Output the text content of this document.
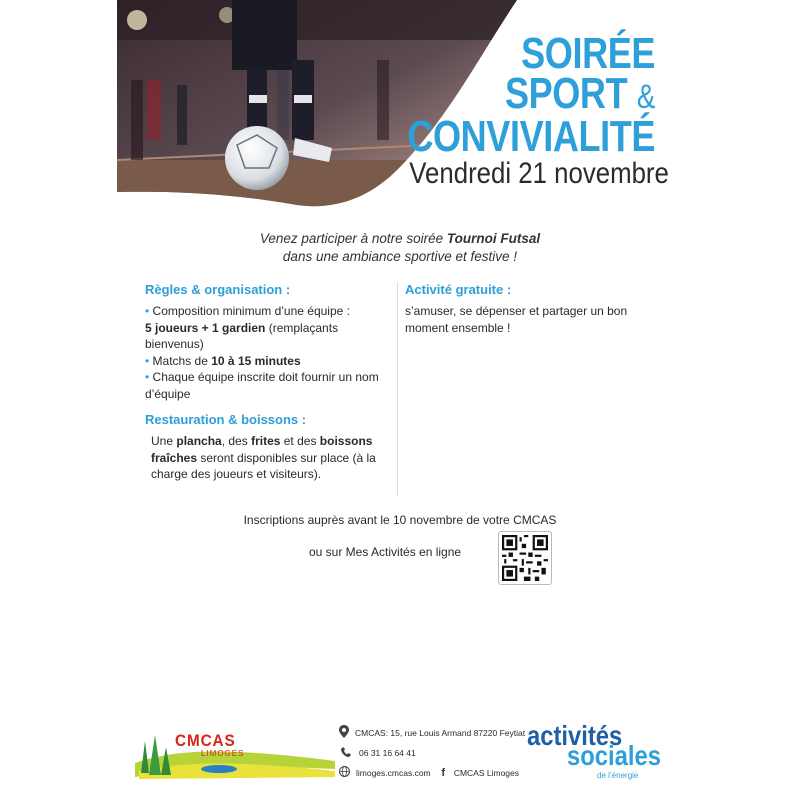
SOIRÉE
SPORT &
CONVIVIALITÉ
Vendredi 21 novembre
Venez participer à notre soirée Tournoi Futsal
dans une ambiance sportive et festive !
Règles & organisation :
• Composition minimum d’une équipe :
5 joueurs + 1 gardien (remplaçants bienvenus)
• Matchs de 10 à 15 minutes
• Chaque équipe inscrite doit fournir un nom d’équipe
Restauration & boissons :
Une plancha, des frites et des boissons fraîches seront disponibles sur place (à la charge des joueurs et visiteurs).
Activité gratuite :
s’amuser, se dépenser et partager un bon moment ensemble !
Inscriptions auprès avant le 10 novembre de votre CMCAS
ou sur Mes Activités en ligne
CMCAS
LIMOGES
CMCAS: 15, rue Louis Armand 87220 Feytiat
06 31 16 64 41
limoges.cmcas.com f	CMCAS Limoges
activités
sociales
de l’énergie
